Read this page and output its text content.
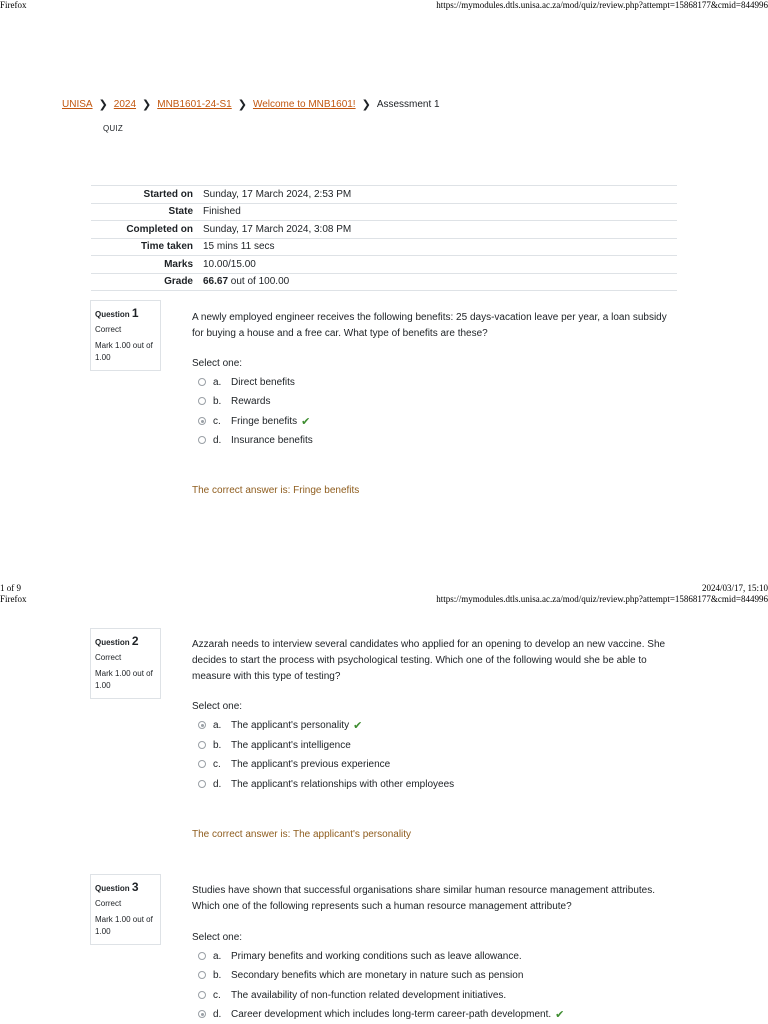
Firefox	https://mymodules.dtls.unisa.ac.za/mod/quiz/review.php?attempt=15868177&cmid=844996
UNISA ❯ 2024 ❯ MNB1601-24-S1 ❯ Welcome to MNB1601! ❯ Assessment 1
QUIZ
Started on	Sunday, 17 March 2024, 2:53 PM
State	Finished
Completed on	Sunday, 17 March 2024, 3:08 PM
Time taken	15 mins 11 secs
Marks	10.00/15.00
Grade	66.67 out of 100.00
Question 1
Correct
Mark 1.00 out of 1.00
A newly employed engineer receives the following benefits: 25 days-vacation leave per year, a loan subsidy for buying a house and a free car. What type of benefits are these?
Select one:
a. Direct benefits
b. Rewards
c.	Fringe benefits ✔
d. Insurance benefits
The correct answer is: Fringe benefits
1 of 9	2024/03/17, 15:10
Firefox	https://mymodules.dtls.unisa.ac.za/mod/quiz/review.php?attempt=15868177&cmid=844996
Question 2
Correct
Mark 1.00 out of 1.00
Azzarah needs to interview several candidates who applied for an opening to develop an new vaccine. She decides to start the process with psychological testing. Which one of the following would she be able to measure with this type of testing?
Select one:
a. The applicant's personality ✔
b. The applicant's intelligence
c.	The applicant's previous experience
d. The applicant's relationships with other employees
The correct answer is: The applicant's personality
Question 3
Correct
Mark 1.00 out of 1.00
Studies have shown that successful organisations share similar human resource management attributes. Which one of the following represents such a human resource management attribute?
Select one:
a. Primary benefits and working conditions such as leave allowance.
b. Secondary benefits which are monetary in nature such as pension
c.	The availability of non-function related development initiatives.
d. Career development which includes long-term career-path development. ✔
